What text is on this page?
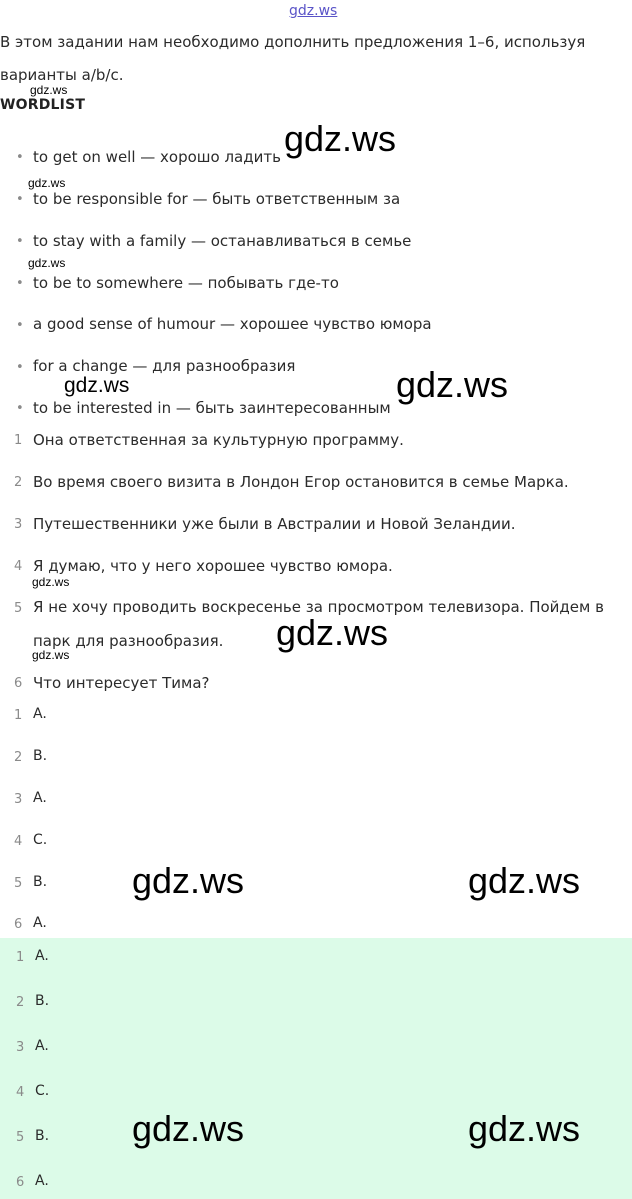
gdz.ws
В этом задании нам необходимо дополнить предложения 1–6, используя
варианты a/b/c.
WORDLIST
• to get on well — хорошо ладить
• to be responsible for — быть ответственным за
• to stay with a family — останавливаться в семье
• to be to somewhere — побывать где-то
• a good sense of humour — хорошее чувство юмора
• for a change — для разнообразия
• to be interested in — быть заинтересованным
1 Она ответственная за культурную программу.
2 Во время своего визита в Лондон Егор остановится в семье Марка.
3 Путешественники уже были в Австралии и Новой Зеландии.
4 Я думаю, что у него хорошее чувство юмора.
5 Я не хочу проводить воскресенье за просмотром телевизора. Пойдем в
парк для разнообразия.
6 Что интересует Тима?
1 A.
2 B.
3 A.
4 C.
5 B.
6 A.
1 A.
2 B.
3 A.
4 C.
5 B.
6 A.
gdz.ws
gdz.ws
gdz.ws
gdz.ws
gdz.ws	gdz.ws
gdz.ws
gdz.ws
gdz.ws
gdz.ws	gdz.ws
gdz.ws	gdz.ws
